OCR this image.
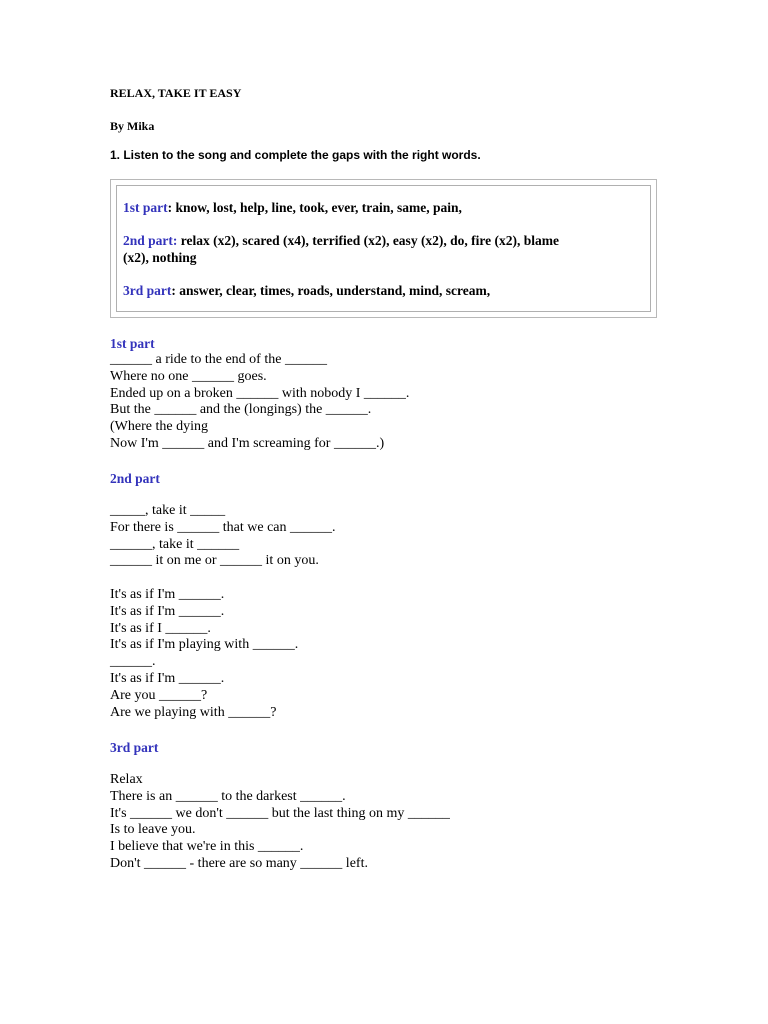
RELAX, TAKE IT EASY
By Mika
1. Listen to the song and complete the gaps with the right words.

1st part: know, lost, help, line, took, ever, train, same, pain,

2nd part: relax (x2), scared (x4), terrified (x2), easy (x2), do, fire (x2), blame
(x2), nothing

3rd part: answer, clear, times, roads, understand, mind, scream,

1st part
______ a ride to the end of the ______
Where no one ______ goes.
Ended up on a broken ______ with nobody I ______.
But the ______ and the (longings) the ______.
(Where the dying
Now I'm ______ and I'm screaming for ______.)
2nd part
_____, take it _____
For there is ______ that we can ______.
______, take it ______
______ it on me or ______ it on you.
It's as if I'm ______.
It's as if I'm ______.
It's as if I ______.
It's as if I'm playing with ______.
______.
It's as if I'm ______.
Are you ______?
Are we playing with ______?
3rd part
Relax
There is an ______ to the darkest ______.
It's ______ we don't ______ but the last thing on my ______
Is to leave you.
I believe that we're in this ______.
Don't ______ - there are so many ______ left.
